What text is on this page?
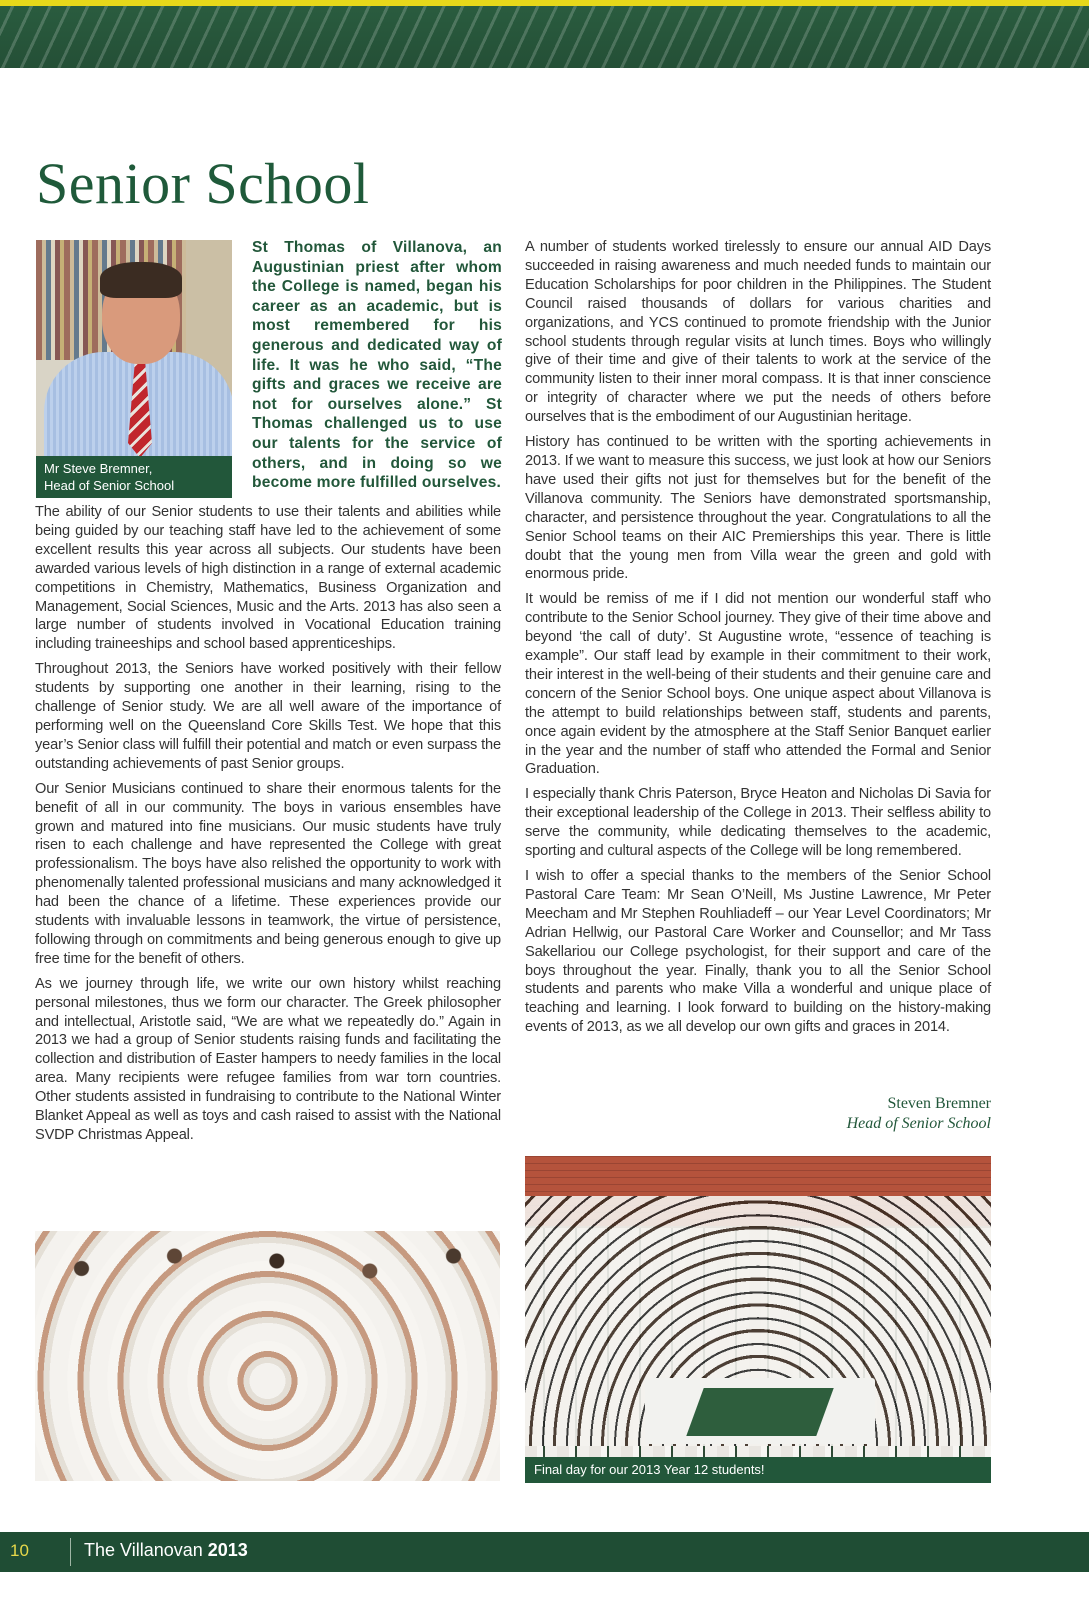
Senior School
Mr Steve Bremner,
Head of Senior School

St Thomas of Villanova, an Augustinian priest after whom the College is named, began his career as an academic, but is most remembered for his generous and dedicated way of life. It was he who said, “The gifts and graces we receive are not for ourselves alone.” St Thomas challenged us to use our talents for the service of others, and in doing so we become more fulfilled ourselves.

The ability of our Senior students to use their talents and abilities while being guided by our teaching staff have led to the achievement of some excellent results this year across all subjects. Our students have been awarded various levels of high distinction in a range of external academic competitions in Chemistry, Mathematics, Business Organization and Management, Social Sciences, Music and the Arts. 2013 has also seen a large number of students involved in Vocational Education training including traineeships and school based apprenticeships.

Throughout 2013, the Seniors have worked positively with their fellow students by supporting one another in their learning, rising to the challenge of Senior study. We are all well aware of the importance of performing well on the Queensland Core Skills Test. We hope that this year’s Senior class will fulfill their potential and match or even surpass the outstanding achievements of past Senior groups.

Our Senior Musicians continued to share their enormous talents for the benefit of all in our community. The boys in various ensembles have grown and matured into fine musicians. Our music students have truly risen to each challenge and have represented the College with great professionalism. The boys have also relished the opportunity to work with phenomenally talented professional musicians and many acknowledged it had been the chance of a lifetime. These experiences provide our students with invaluable lessons in teamwork, the virtue of persistence, following through on commitments and being generous enough to give up free time for the benefit of others.

As we journey through life, we write our own history whilst reaching personal milestones, thus we form our character. The Greek philosopher and intellectual, Aristotle said, “We are what we repeatedly do.” Again in 2013 we had a group of Senior students raising funds and facilitating the collection and distribution of Easter hampers to needy families in the local area. Many recipients were refugee families from war torn countries. Other students assisted in fundraising to contribute to the National Winter Blanket Appeal as well as toys and cash raised to assist with the National SVDP Christmas Appeal.

A number of students worked tirelessly to ensure our annual AID Days succeeded in raising awareness and much needed funds to maintain our Education Scholarships for poor children in the Philippines. The Student Council raised thousands of dollars for various charities and organizations, and YCS continued to promote friendship with the Junior school students through regular visits at lunch times. Boys who willingly give of their time and give of their talents to work at the service of the community listen to their inner moral compass. It is that inner conscience or integrity of character where we put the needs of others before ourselves that is the embodiment of our Augustinian heritage.

History has continued to be written with the sporting achievements in 2013. If we want to measure this success, we just look at how our Seniors have used their gifts not just for themselves but for the benefit of the Villanova community. The Seniors have demonstrated sportsmanship, character, and persistence throughout the year. Congratulations to all the Senior School teams on their AIC Premierships this year. There is little doubt that the young men from Villa wear the green and gold with enormous pride.

It would be remiss of me if I did not mention our wonderful staff who contribute to the Senior School journey. They give of their time above and beyond ‘the call of duty’. St Augustine wrote, “essence of teaching is example”. Our staff lead by example in their commitment to their work, their interest in the well-being of their students and their genuine care and concern of the Senior School boys. One unique aspect about Villanova is the attempt to build relationships between staff, students and parents, once again evident by the atmosphere at the Staff Senior Banquet earlier in the year and the number of staff who attended the Formal and Senior Graduation.

I especially thank Chris Paterson, Bryce Heaton and Nicholas Di Savia for their exceptional leadership of the College in 2013. Their selfless ability to serve the community, while dedicating themselves to the academic, sporting and cultural aspects of the College will be long remembered.

I wish to offer a special thanks to the members of the Senior School Pastoral Care Team: Mr Sean O’Neill, Ms Justine Lawrence, Mr Peter Meecham and Mr Stephen Rouhliadeff – our Year Level Coordinators; Mr Adrian Hellwig, our Pastoral Care Worker and Counsellor; and Mr Tass Sakellariou our College psychologist, for their support and care of the boys throughout the year. Finally, thank you to all the Senior School students and parents who make Villa a wonderful and unique place of teaching and learning. I look forward to building on the history-making events of 2013, as we all develop our own gifts and graces in 2014.

Steven Bremner
Head of Senior School
Final day for our 2013 Year 12 students!
10	The Villanovan 2013
